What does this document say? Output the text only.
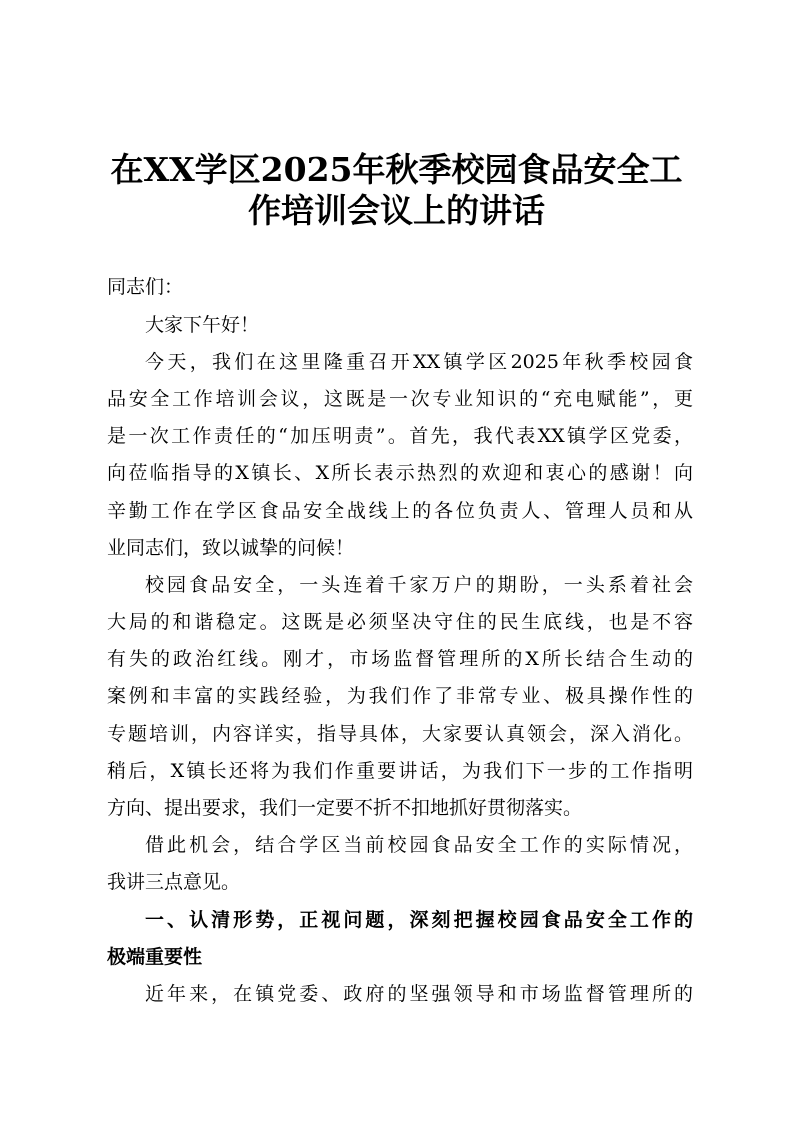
在XX学区2025年秋季校园食品安全工
作培训会议上的讲话
同志们：
大家下午好！
今天，我们在这里隆重召开XX镇学区2025年秋季校园食
品安全工作培训会议，这既是一次专业知识的“充电赋能”，更
是一次工作责任的“加压明责”。首先，我代表XX镇学区党委，
向莅临指导的X镇长、X所长表示热烈的欢迎和衷心的感谢！向
辛勤工作在学区食品安全战线上的各位负责人、管理人员和从
业同志们，致以诚挚的问候！
校园食品安全，一头连着千家万户的期盼，一头系着社会
大局的和谐稳定。这既是必须坚决守住的民生底线，也是不容
有失的政治红线。刚才，市场监督管理所的X所长结合生动的
案例和丰富的实践经验，为我们作了非常专业、极具操作性的
专题培训，内容详实，指导具体，大家要认真领会，深入消化。
稍后，X镇长还将为我们作重要讲话，为我们下一步的工作指明
方向、提出要求，我们一定要不折不扣地抓好贯彻落实。
借此机会，结合学区当前校园食品安全工作的实际情况，
我讲三点意见。
一、认清形势，正视问题，深刻把握校园食品安全工作的
极端重要性
近年来，在镇党委、政府的坚强领导和市场监督管理所的
